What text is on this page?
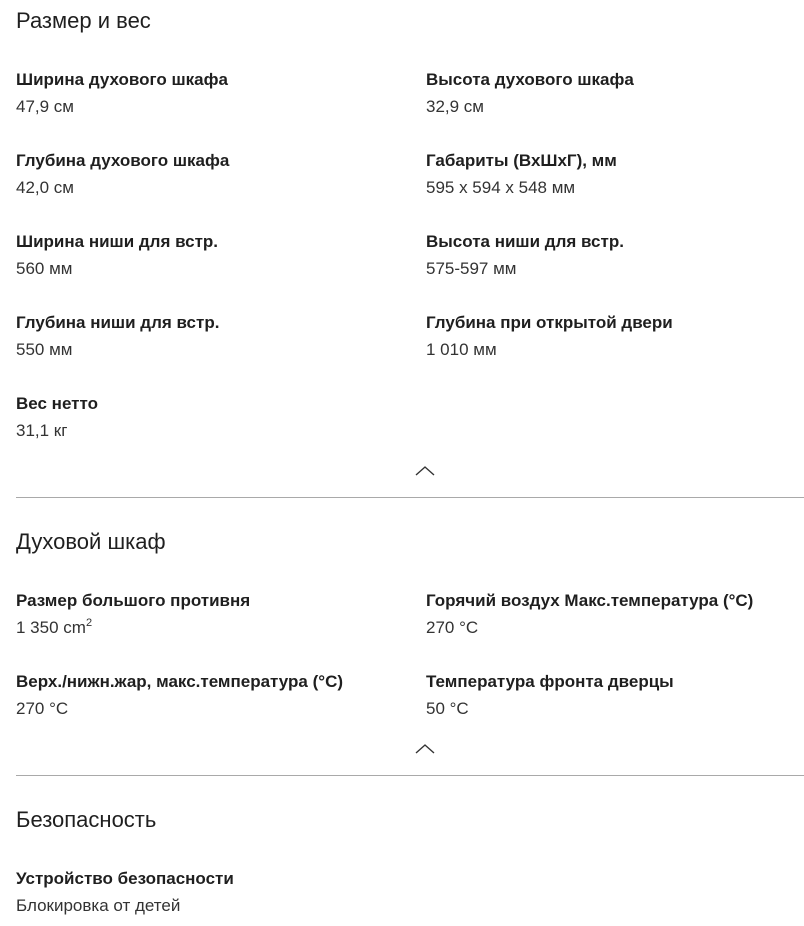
Размер и вес
Ширина духового шкафа
47,9 см
Высота духового шкафа
32,9 см
Глубина духового шкафа
42,0 см
Габариты (ВхШхГ), мм
595 x 594 x 548 мм
Ширина ниши для встр.
560 мм
Высота ниши для встр.
575-597 мм
Глубина ниши для встр.
550 мм
Глубина при открытой двери
1 010 мм
Вес нетто
31,1 кг
Духовой шкаф
Размер большого противня
1 350 $cm^2$
Горячий воздух Макс.температура (°C)
270 °C
Верх./нижн.жар, макс.температура (°C)
270 °C
Температура фронта дверцы
50 °C
Безопасность
Устройство безопасности
Блокировка от детей
